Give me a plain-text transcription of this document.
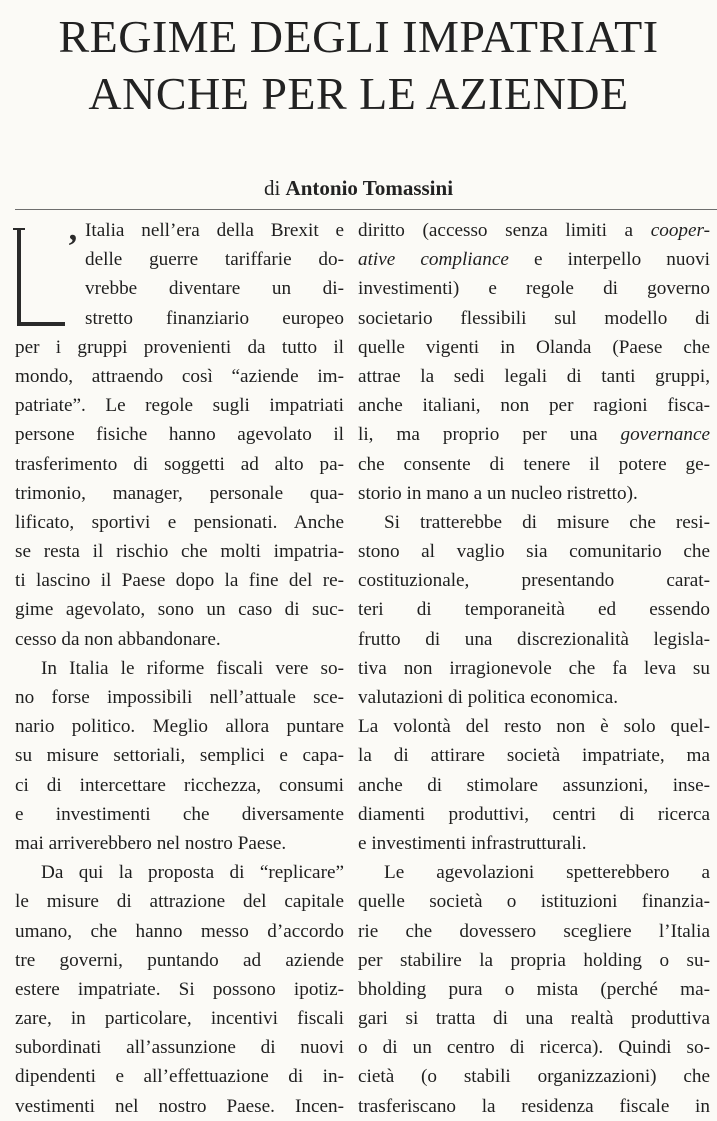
REGIME DEGLI IMPATRIATI
ANCHE PER LE AZIENDE
di Antonio Tomassini
’ Italia nell’era della Brexit e
delle guerre tariffarie do-
vrebbe diventare un di-
stretto finanziario europeo
per i gruppi provenienti da tutto il
mondo, attraendo così “aziende im-
patriate”. Le regole sugli impatriati
persone fisiche hanno agevolato il
trasferimento di soggetti ad alto pa-
trimonio, manager, personale qua-
lificato, sportivi e pensionati. Anche
se resta il rischio che molti impatria-
ti lascino il Paese dopo la fine del re-
gime agevolato, sono un caso di suc-
cesso da non abbandonare.
In Italia le riforme fiscali vere so-
no forse impossibili nell’attuale sce-
nario politico. Meglio allora puntare
su misure settoriali, semplici e capa-
ci di intercettare ricchezza, consumi
e investimenti che diversamente
mai arriverebbero nel nostro Paese.
Da qui la proposta di “replicare”
le misure di attrazione del capitale
umano, che hanno messo d’accordo
tre governi, puntando ad aziende
estere impatriate. Si possono ipotiz-
zare, in particolare, incentivi fiscali
subordinati all’assunzione di nuovi
dipendenti e all’effettuazione di in-
vestimenti nel nostro Paese. Incen-
diritto (accesso senza limiti a cooper-
ative compliance e interpello nuovi
investimenti) e regole di governo
societario flessibili sul modello di
quelle vigenti in Olanda (Paese che
attrae la sedi legali di tanti gruppi,
anche italiani, non per ragioni fisca-
li, ma proprio per una governance
che consente di tenere il potere ge-
storio in mano a un nucleo ristretto).
Si tratterebbe di misure che resi-
stono al vaglio sia comunitario che
costituzionale, presentando carat-
teri di temporaneità ed essendo
frutto di una discrezionalità legisla-
tiva non irragionevole che fa leva su
valutazioni di politica economica.
La volontà del resto non è solo quel-
la di attirare società impatriate, ma
anche di stimolare assunzioni, inse-
diamenti produttivi, centri di ricerca
e investimenti infrastrutturali.
Le agevolazioni spetterebbero a
quelle società o istituzioni finanzia-
rie che dovessero scegliere l’Italia
per stabilire la propria holding o su-
bholding pura o mista (perché ma-
gari si tratta di una realtà produttiva
o di un centro di ricerca). Quindi so-
cietà (o stabili organizzazioni) che
trasferiscano la residenza fiscale in
